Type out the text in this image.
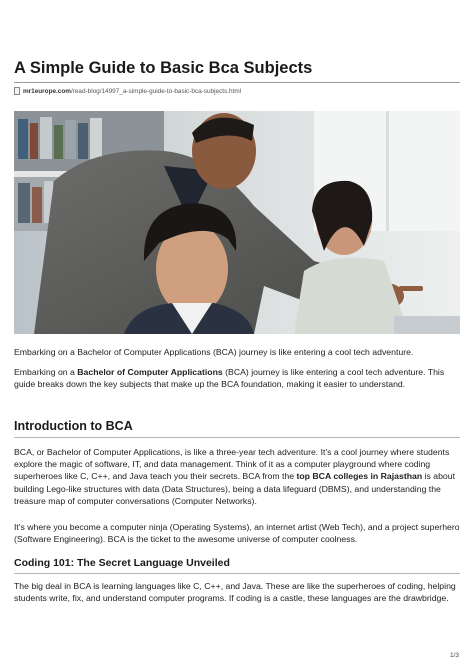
A Simple Guide to Basic Bca Subjects
mr1europe.com /read-blog/14997_a-simple-guide-to-basic-bca-subjects.html

Embarking on a Bachelor of Computer Applications (BCA) journey is like entering a cool tech adventure.

Embarking on a Bachelor of Computer Applications (BCA) journey is like entering a cool tech adventure. This guide breaks down the key subjects that make up the BCA foundation, making it easier to understand.

Introduction to BCA

BCA, or Bachelor of Computer Applications, is like a three-year tech adventure. It's a cool journey where students explore the magic of software, IT, and data management. Think of it as a computer playground where coding superheroes like C, C++, and Java teach you their secrets. BCA from the top BCA colleges in Rajasthan is about building Lego-like structures with data (Data Structures), being a data lifeguard (DBMS), and understanding the treasure map of computer conversations (Computer Networks).

It's where you become a computer ninja (Operating Systems), an internet artist (Web Tech), and a project superhero (Software Engineering). BCA is the ticket to the awesome universe of computer coolness.

Coding 101: The Secret Language Unveiled

The big deal in BCA is learning languages like C, C++, and Java. These are like the superheroes of coding, helping students write, fix, and understand computer programs. If coding is a castle, these languages are the drawbridge.

1/3
